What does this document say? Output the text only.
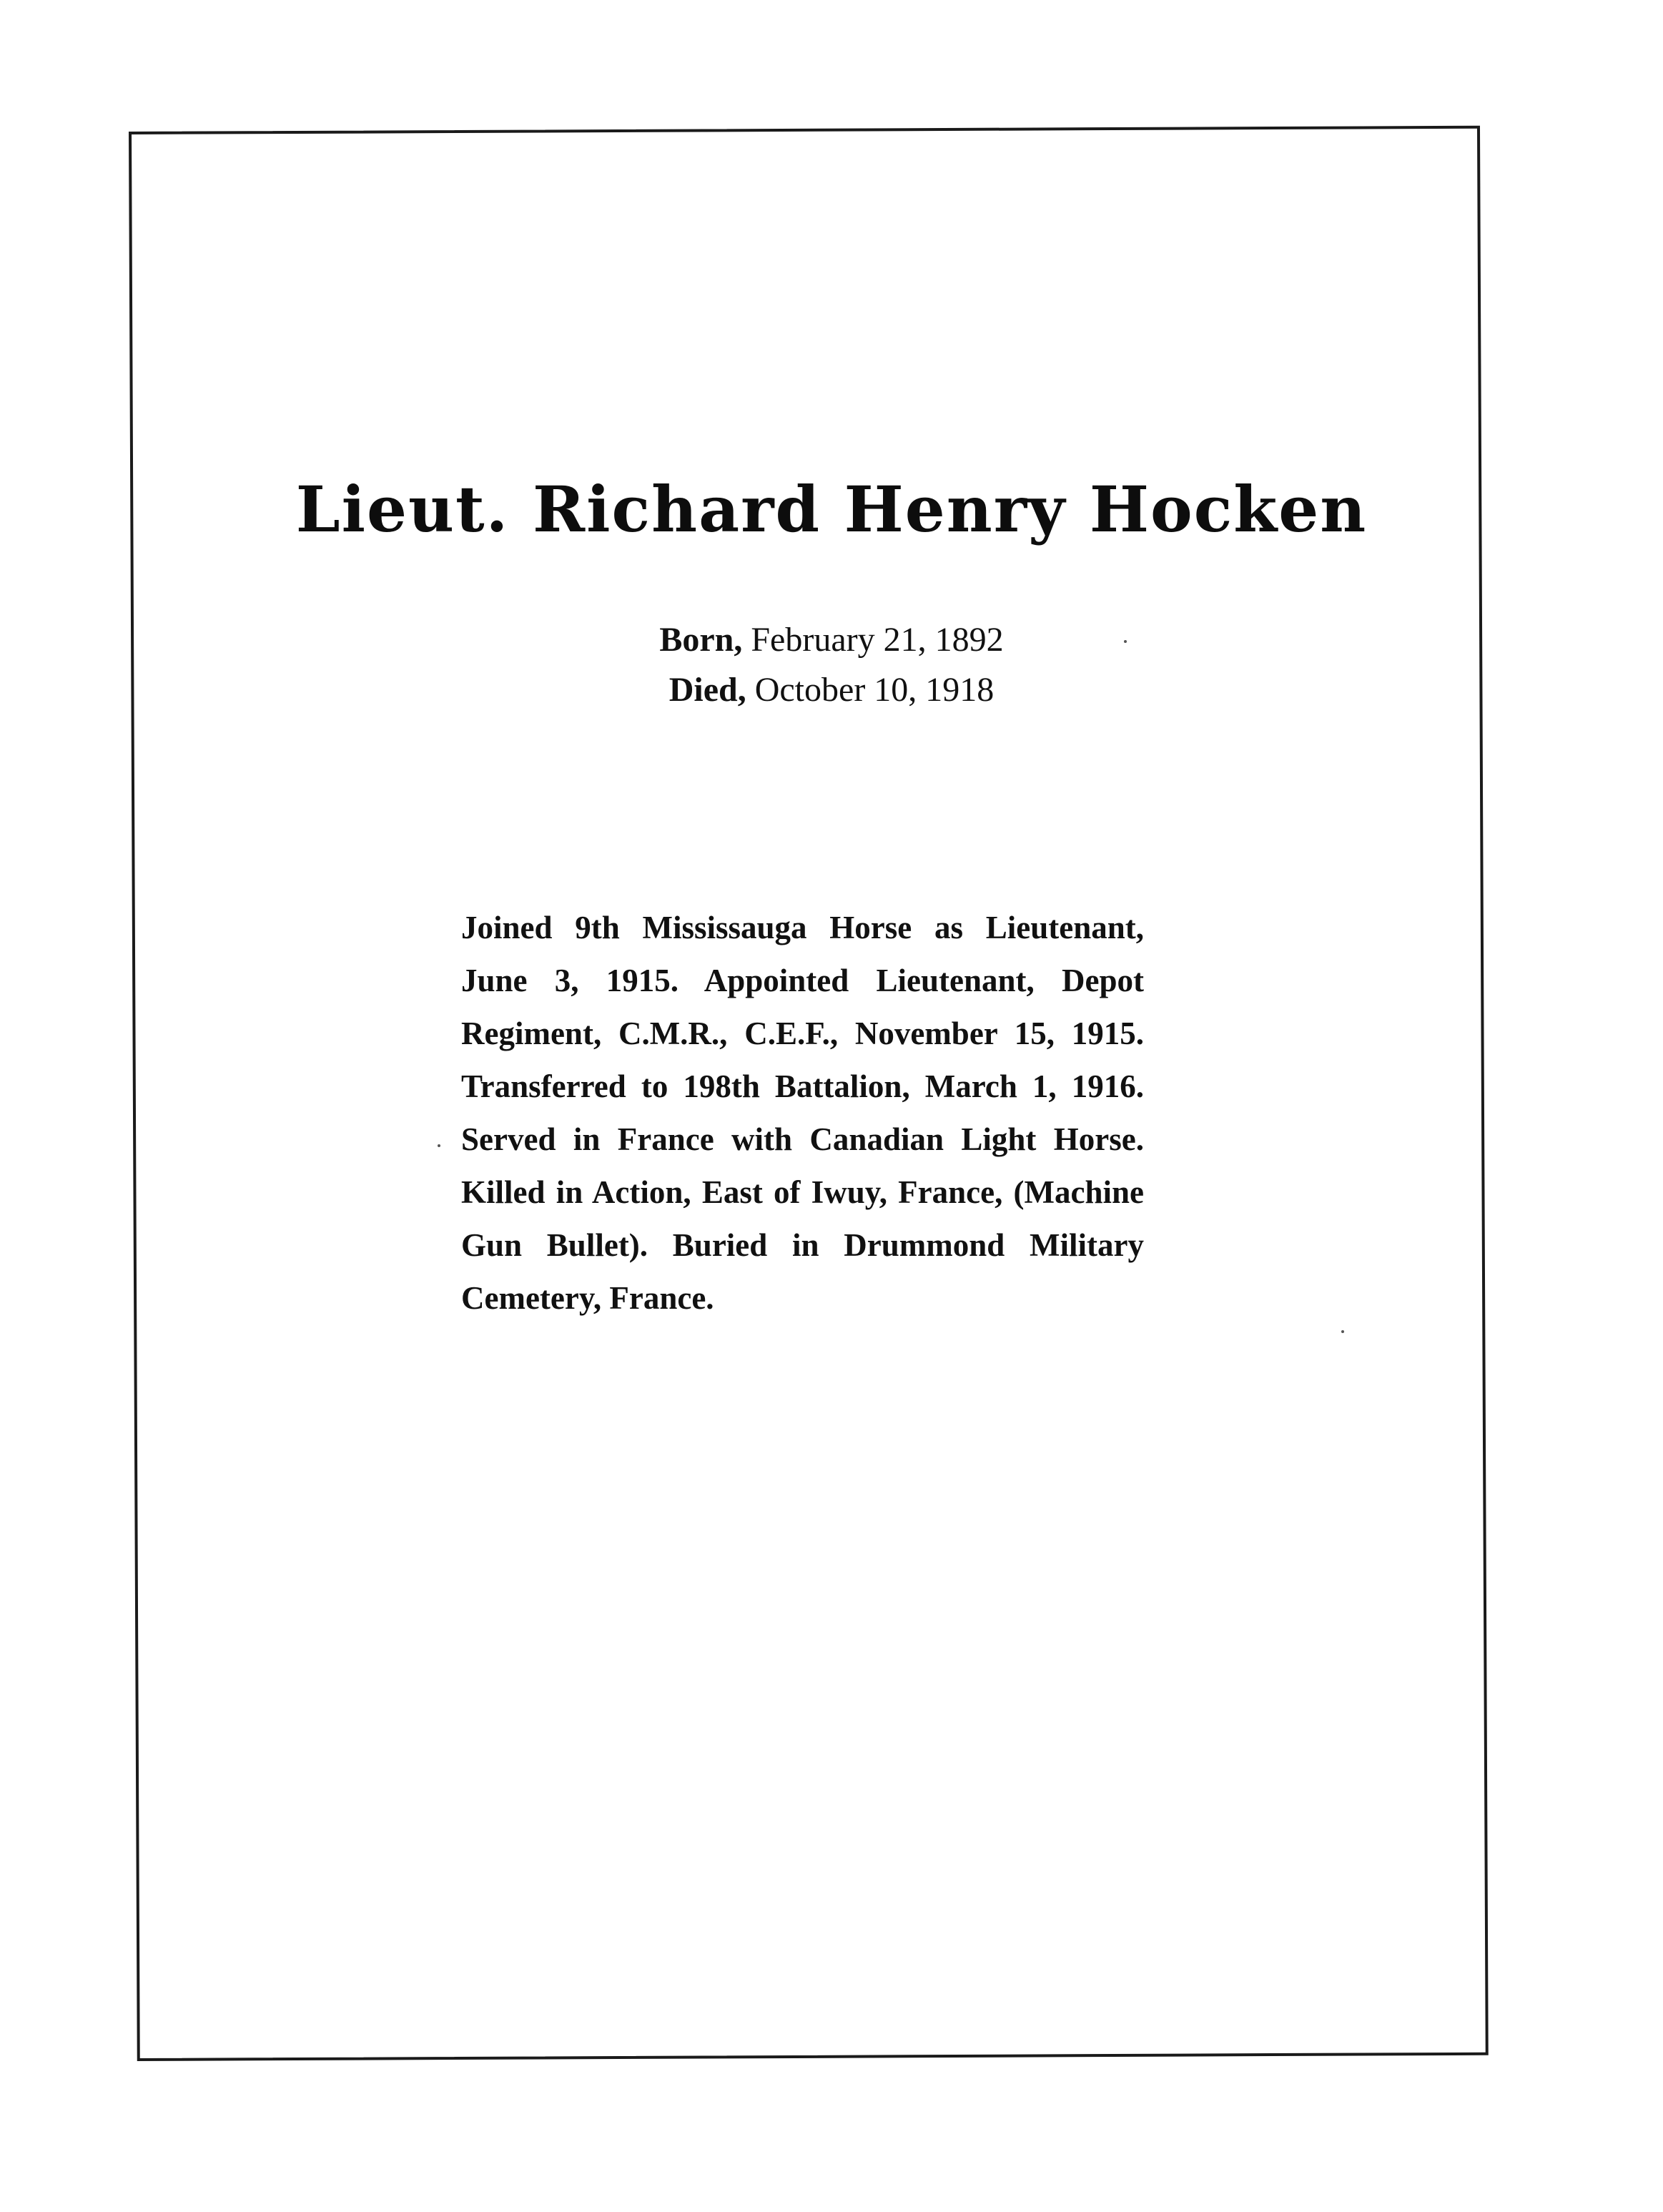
Lieut. Richard Henry Hocken
Born, February 21, 1892
Died, October 10, 1918
Joined 9th Mississauga Horse as Lieutenant, June 3, 1915. Appointed Lieutenant, Depot Regiment, C.M.R., C.E.F., November 15, 1915. Transferred to 198th Battalion, March 1, 1916. Served in France with Canadian Light Horse. Killed in Action, East of Iwuy, France, (Machine Gun Bullet). Buried in Drummond Military Cemetery, France.
